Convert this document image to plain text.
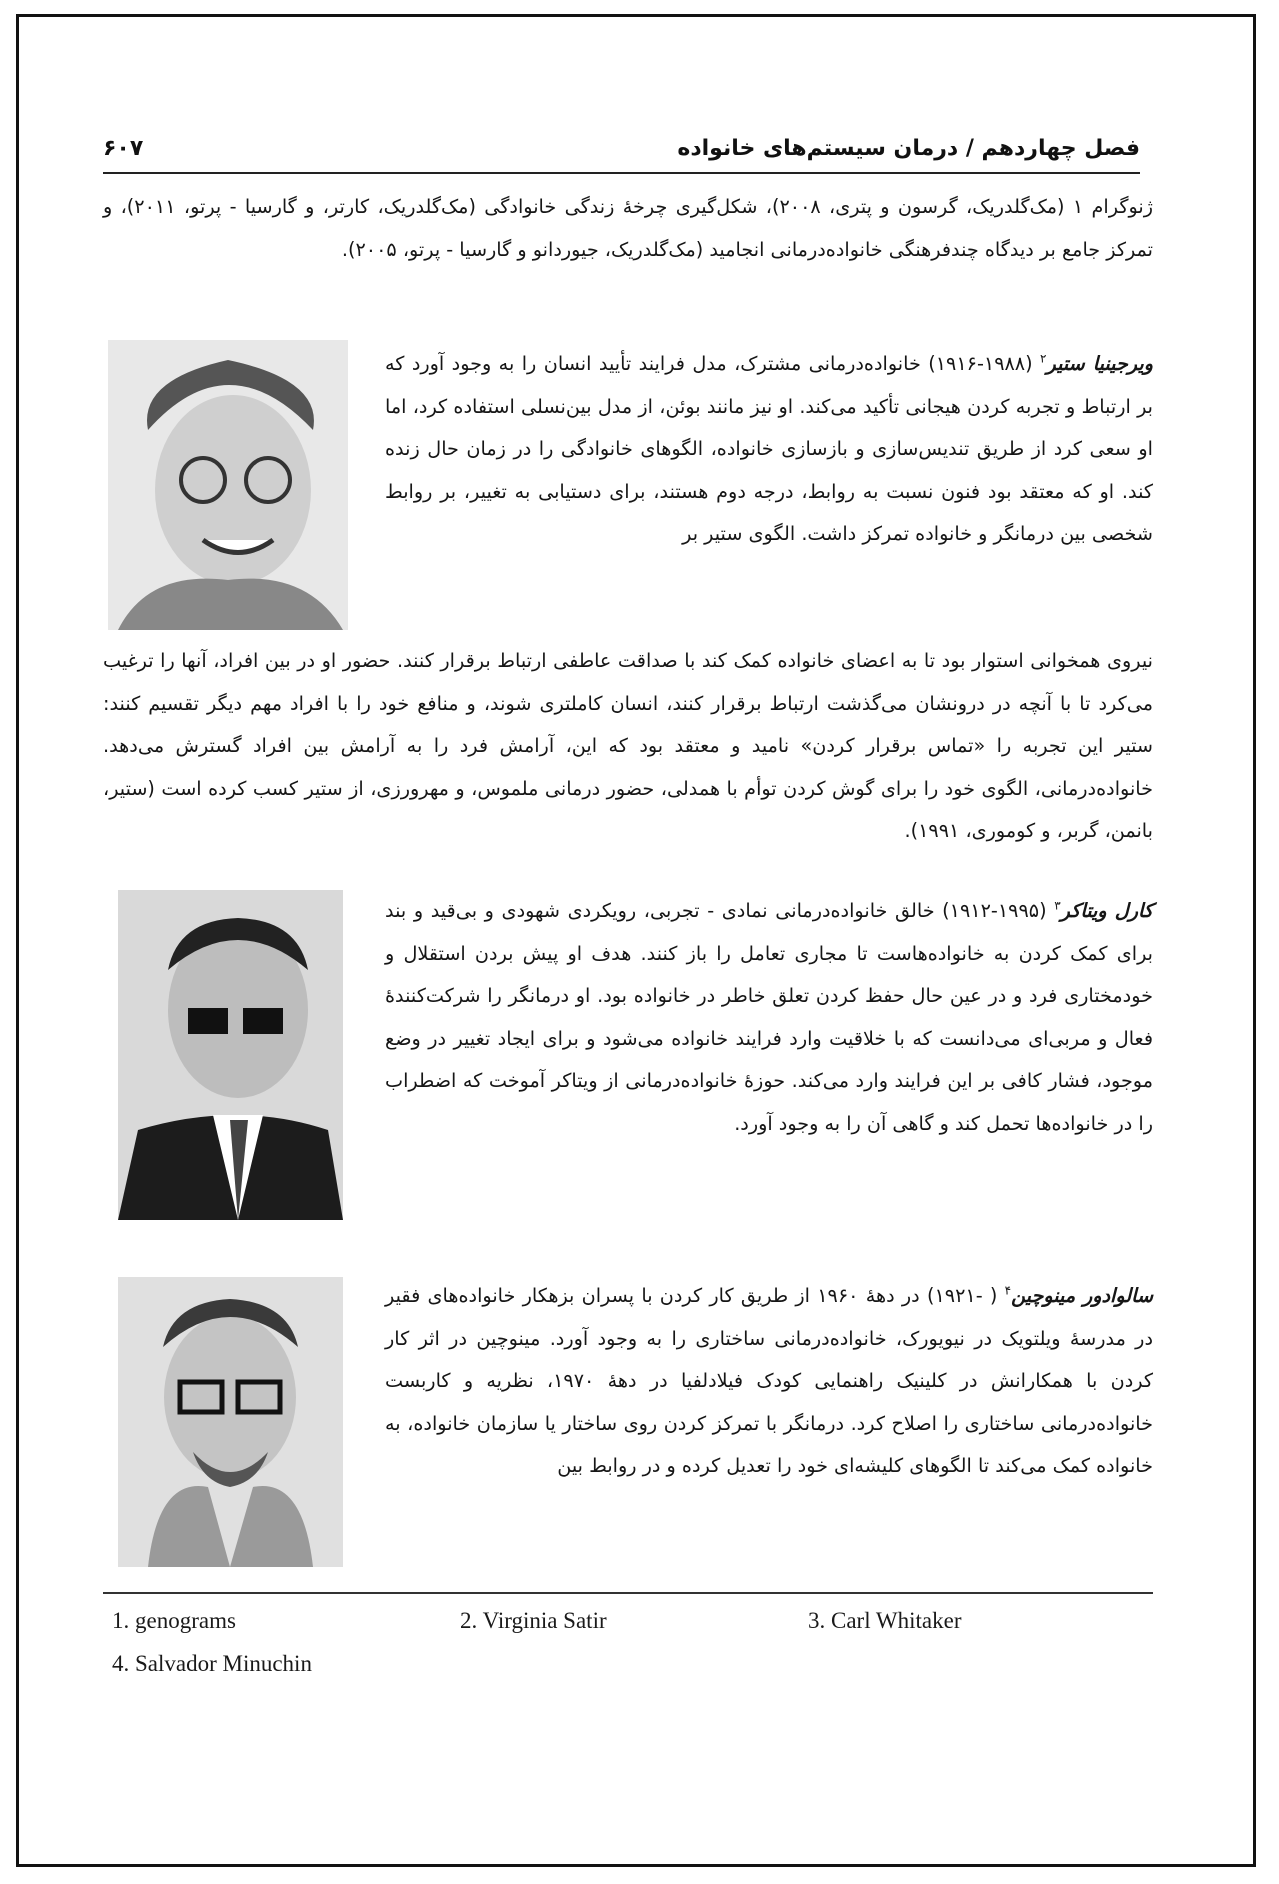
فصل چهاردهم / درمان سیستم‌های خانواده
۶۰۷

ژنوگرام ۱ (مک‌گلدریک، گرسون و پتری، ۲۰۰۸)، شکل‌گیری چرخهٔ زندگی خانوادگی (مک‌گلدریک، کارتر، و گارسیا - پرتو، ۲۰۱۱)، و تمرکز جامع بر دیدگاه چندفرهنگی خانواده‌درمانی انجامید (مک‌گلدریک، جیوردانو و گارسیا - پرتو، ۲۰۰۵).

ویرجینیا ستیر$^۲$ (۱۹۸۸-۱۹۱۶) خانواده‌درمانی مشترک، مدل فرایند تأیید انسان را به وجود آورد که بر ارتباط و تجربه کردن هیجانی تأکید می‌کند. او نیز مانند بوئن، از مدل بین‌نسلی استفاده کرد، اما او سعی کرد از طریق تندیس‌سازی و بازسازی خانواده، الگوهای خانوادگی را در زمان حال زنده کند. او که معتقد بود فنون نسبت به روابط، درجه دوم هستند، برای دستیابی به تغییر، بر روابط شخصی بین درمانگر و خانواده تمرکز داشت. الگوی ستیر بر

نیروی همخوانی استوار بود تا به اعضای خانواده کمک کند با صداقت عاطفی ارتباط برقرار کنند. حضور او در بین افراد، آنها را ترغیب می‌کرد تا با آنچه در درونشان می‌گذشت ارتباط برقرار کنند، انسان کاملتری شوند، و منافع خود را با افراد مهم دیگر تقسیم کنند: ستیر این تجربه را «تماس برقرار کردن» نامید و معتقد بود که این، آرامش فرد را به آرامش بین افراد گسترش می‌دهد. خانواده‌درمانی، الگوی خود را برای گوش کردن توأم با همدلی، حضور درمانی ملموس، و مهرورزی، از ستیر کسب کرده است (ستیر، بانمن، گربر، و کوموری، ۱۹۹۱).

کارل ویتاکر$^۳$ (۱۹۹۵-۱۹۱۲) خالق خانواده‌درمانی نمادی - تجربی، رویکردی شهودی و بی‌قید و بند برای کمک کردن به خانواده‌هاست تا مجاری تعامل را باز کنند. هدف او پیش بردن استقلال و خودمختاری فرد و در عین حال حفظ کردن تعلق خاطر در خانواده بود. او درمانگر را شرکت‌کنندهٔ فعال و مربی‌ای می‌دانست که با خلاقیت وارد فرایند خانواده می‌شود و برای ایجاد تغییر در وضع موجود، فشار کافی بر این فرایند وارد می‌کند. حوزهٔ خانواده‌درمانی از ویتاکر آموخت که اضطراب را در خانواده‌ها تحمل کند و گاهی آن را به وجود آورد.

سالوادور مینوچین$^۴$ ( -۱۹۲۱) در دههٔ ۱۹۶۰ از طریق کار کردن با پسران بزهکار خانواده‌های فقیر در مدرسهٔ ویلتویک در نیویورک، خانواده‌درمانی ساختاری را به وجود آورد. مینوچین در اثر کار کردن با همکارانش در کلینیک راهنمایی کودک فیلادلفیا در دههٔ ۱۹۷۰، نظریه و کاربست خانواده‌درمانی ساختاری را اصلاح کرد. درمانگر با تمرکز کردن روی ساختار یا سازمان خانواده، به خانواده کمک می‌کند تا الگوهای کلیشه‌ای خود را تعدیل کرده و در روابط بین

1. genograms	2. Virginia Satir	3. Carl Whitaker
4. Salvador Minuchin
